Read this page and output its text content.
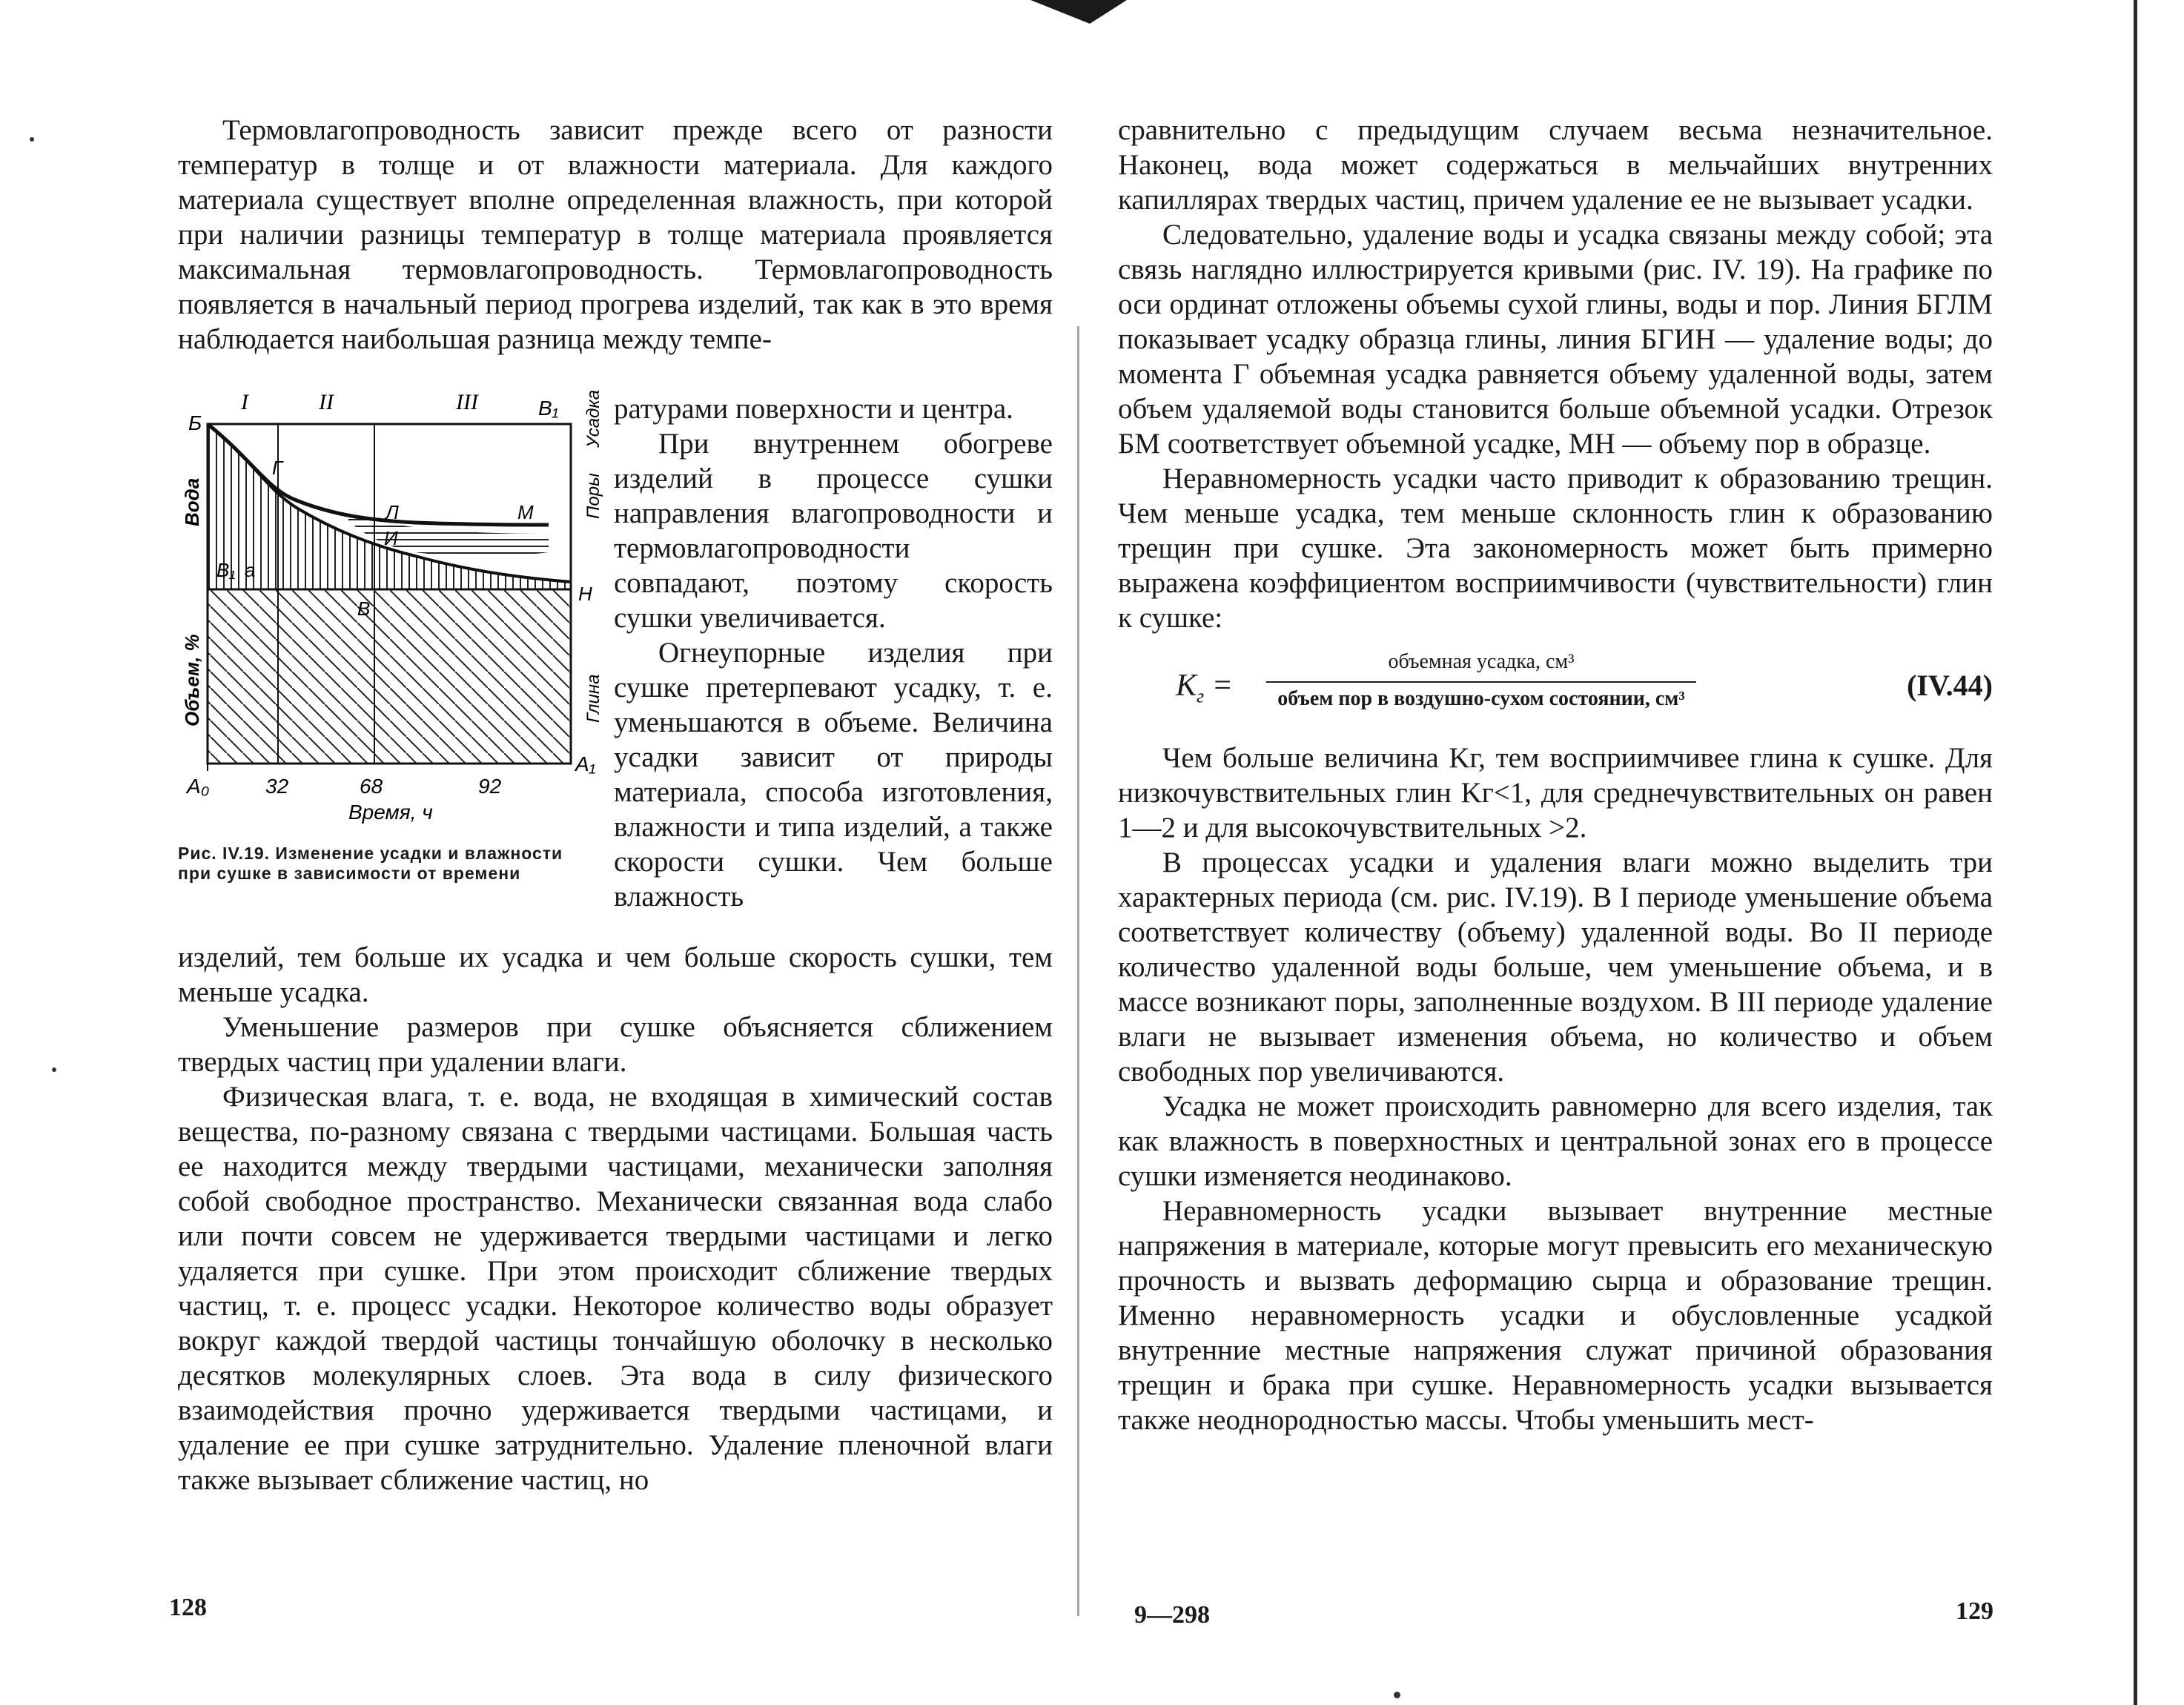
Термовлагопроводность зависит прежде всего от разности температур в толще и от влажности материала. Для каждого материала существует вполне определенная влажность, при которой при наличии разницы температур в толще материала проявляется максимальная термовлагопроводность. Термовлагопроводность появляется в начальный период прогрева изделий, так как в это время наблюдается наибольшая разница между темпе-

I	II	III
Б
В₁
Г
Л	М
И
В₁ а
В
Н
А₀
А₁
Вода
Объем, %
Поры
Усадка
Глина
32	68	92
Время, ч
Рис. IV.19. Изменение усадки и влажности при сушке в зависимости от времени

ратурами поверхности и центра.

При внутреннем обогреве изделий в процессе сушки направления влагопроводности и термовлагопроводности совпадают, поэтому скорость сушки увеличивается.

Огнеупорные изделия при сушке претерпевают усадку, т. е. уменьшаются в объеме. Величина усадки зависит от природы материала, способа изготовления, влажности и типа изделий, а также скорости сушки. Чем больше влажность

изделий, тем больше их усадка и чем больше скорость сушки, тем меньше усадка.

Уменьшение размеров при сушке объясняется сближением твердых частиц при удалении влаги.

Физическая влага, т. е. вода, не входящая в химический состав вещества, по-разному связана с твердыми частицами. Большая часть ее находится между твердыми частицами, механически заполняя собой свободное пространство. Механически связанная вода слабо или почти совсем не удерживается твердыми частицами и легко удаляется при сушке. При этом происходит сближение твердых частиц, т. е. процесс усадки. Некоторое количество воды образует вокруг каждой твердой частицы тончайшую оболочку в несколько десятков молекулярных слоев. Эта вода в силу физического взаимодействия прочно удерживается твердыми частицами, и удаление ее при сушке затруднительно. Удаление пленочной влаги также вызывает сближение частиц, но

128

сравнительно с предыдущим случаем весьма незначительное. Наконец, вода может содержаться в мельчайших внутренних капиллярах твердых частиц, причем удаление ее не вызывает усадки.

Следовательно, удаление воды и усадка связаны между собой; эта связь наглядно иллюстрируется кривыми (рис. IV. 19). На графике по оси ординат отложены объемы сухой глины, воды и пор. Линия БГЛМ показывает усадку образца глины, линия БГИН — удаление воды; до момента Г объемная усадка равняется объему удаленной воды, затем объем удаляемой воды становится больше объемной усадки. Отрезок БМ соответствует объемной усадке, МН — объему пор в образце.

Неравномерность усадки часто приводит к образованию трещин. Чем меньше усадка, тем меньше склонность глин к образованию трещин при сушке. Эта закономерность может быть примерно выражена коэффициентом восприимчивости (чувствительности) глин к сушке:

$K_г$ =
объемная усадка, см³
объем пор в воздушно-сухом состоянии, см³	(IV.44)

Чем больше величина Kг, тем восприимчивее глина к сушке. Для низкочувствительных глин Kг<1, для среднечувствительных он равен 1—2 и для высокочувствительных >2.

В процессах усадки и удаления влаги можно выделить три характерных периода (см. рис. IV.19). В I периоде уменьшение объема соответствует количеству (объему) удаленной воды. Во II периоде количество удаленной воды больше, чем уменьшение объема, и в массе возникают поры, заполненные воздухом. В III периоде удаление влаги не вызывает изменения объема, но количество и объем свободных пор увеличиваются.

Усадка не может происходить равномерно для всего изделия, так как влажность в поверхностных и центральной зонах его в процессе сушки изменяется неодинаково.

Неравномерность усадки вызывает внутренние местные напряжения в материале, которые могут превысить его механическую прочность и вызвать деформацию сырца и образование трещин. Именно неравномерность усадки и обусловленные усадкой внутренние местные напряжения служат причиной образования трещин и брака при сушке. Неравномерность усадки вызывается также неоднородностью массы. Чтобы уменьшить мест-

9—298	129
